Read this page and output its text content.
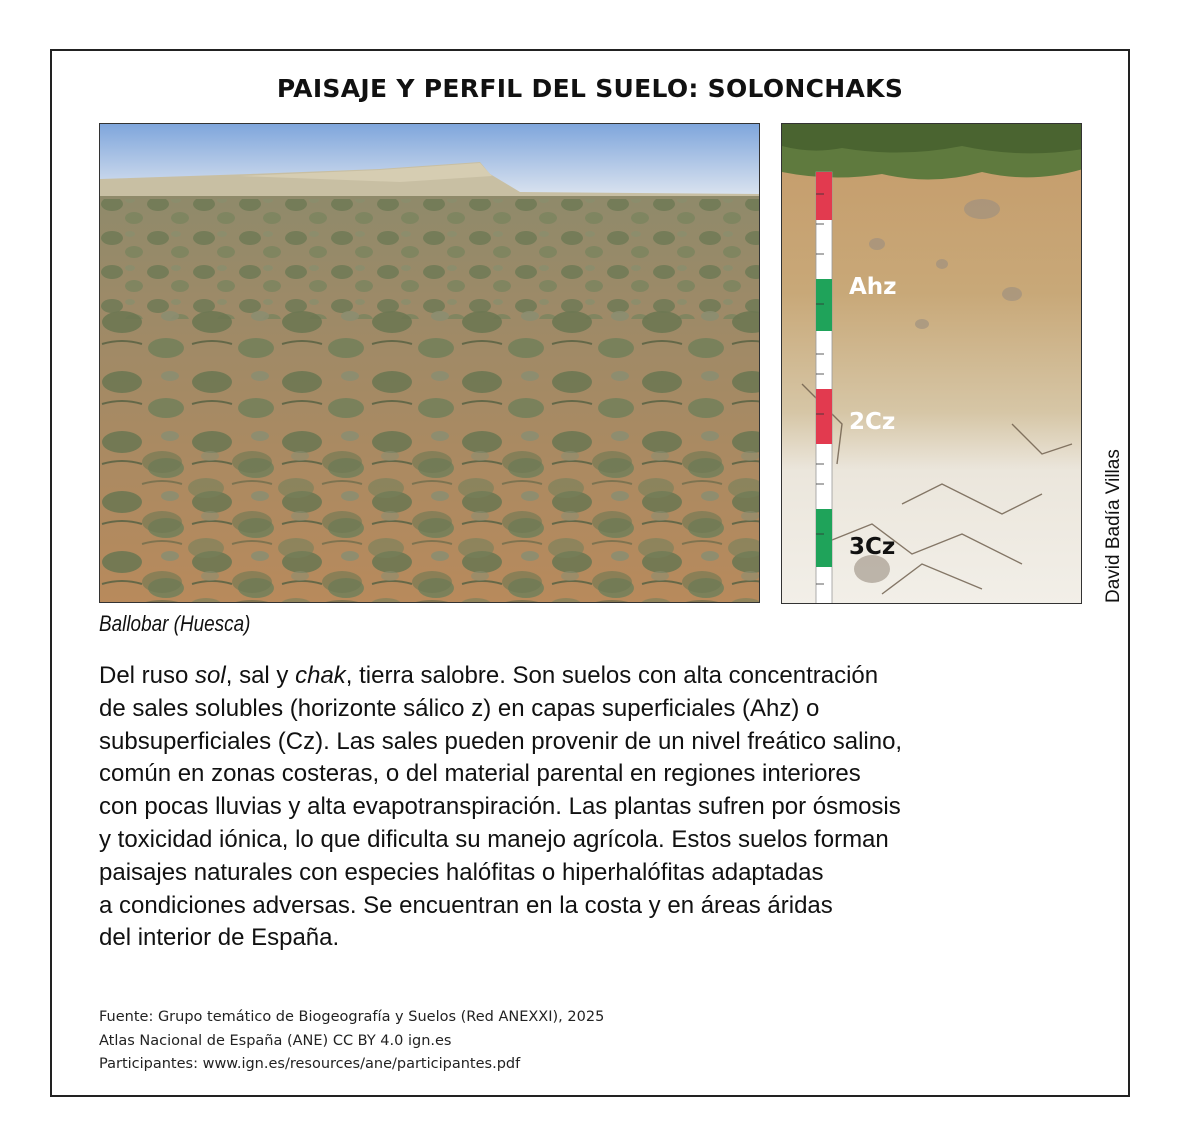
PAISAJE Y PERFIL DEL SUELO: SOLONCHAKS
Ballobar (Huesca)
Ahz
2Cz
3Cz	David Badía Villas
Del ruso sol, sal y chak, tierra salobre. Son suelos con alta concentración
de sales solubles (horizonte sálico z) en capas superficiales (Ahz) o
subsuperficiales (Cz). Las sales pueden provenir de un nivel freático salino,
común en zonas costeras, o del material parental en regiones interiores
con pocas lluvias y alta evapotranspiración. Las plantas sufren por ósmosis
y toxicidad iónica, lo que dificulta su manejo agrícola. Estos suelos forman
paisajes naturales con especies halófitas o hiperhalófitas adaptadas
a condiciones adversas. Se encuentran en la costa y en áreas áridas
del interior de España.
Fuente: Grupo temático de Biogeografía y Suelos (Red ANEXXI), 2025
Atlas Nacional de España (ANE) CC BY 4.0 ign.es
Participantes: www.ign.es/resources/ane/participantes.pdf
